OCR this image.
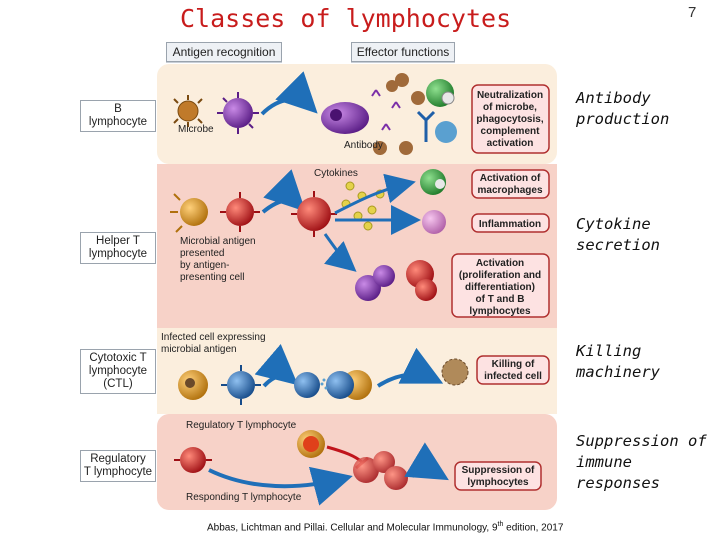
Classes of lymphocytes	7
Antigen recognition	Effector functions
B
lymphocyte
Helper T
lymphocyte
Cytotoxic T
lymphocyte
(CTL)
Regulatory
T lymphocyte
Microbe
Antibody
Neutralization
of microbe,
phagocytosis,
complement
activation
Cytokines
Microbial antigen
presented
by antigen-
presenting cell
Activation of
macrophages
Inflammation
Activation
(proliferation and
differentiation)
of T and B
lymphocytes
Infected cell expressing
microbial antigen
Killing of
infected cell
Regulatory T lymphocyte
Responding T lymphocyte
Suppression of
lymphocytes
Antibody
production
Cytokine
secretion
Killing
machinery
Suppression of
immune
responses
Abbas, Lichtman and Pillai. Cellular and Molecular Immunology, 9th edition, 2017
